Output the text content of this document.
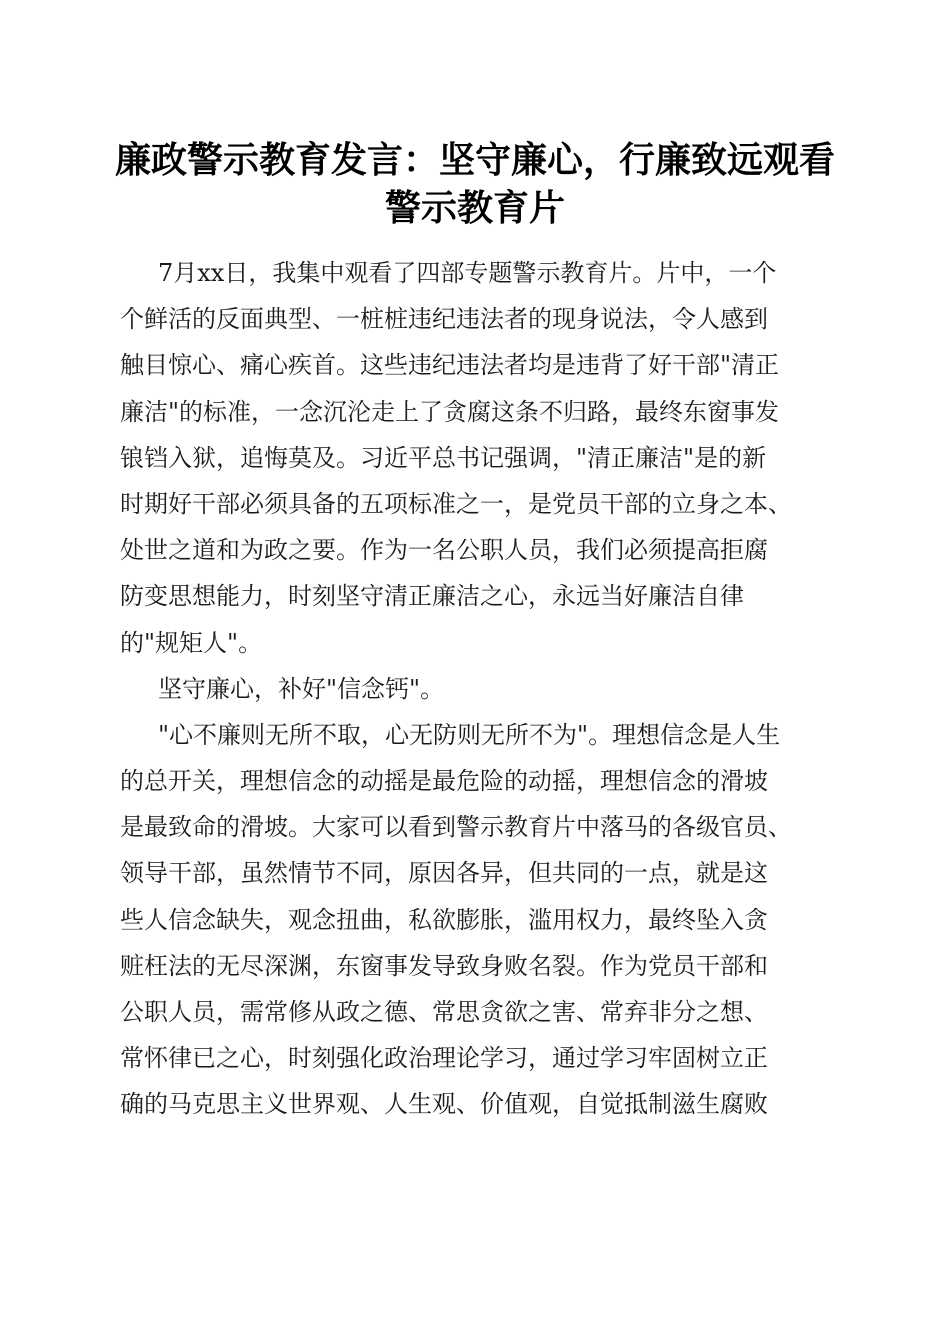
廉政警示教育发言：坚守廉心，行廉致远观看
警示教育片
7月xx日，我集中观看了四部专题警示教育片。片中，一个
个鲜活的反面典型、一桩桩违纪违法者的现身说法，令人感到
触目惊心、痛心疾首。这些违纪违法者均是违背了好干部"清正
廉洁"的标准，一念沉沦走上了贪腐这条不归路，最终东窗事发
锒铛入狱，追悔莫及。习近平总书记强调，"清正廉洁"是的新
时期好干部必须具备的五项标准之一，是党员干部的立身之本、
处世之道和为政之要。作为一名公职人员，我们必须提高拒腐
防变思想能力，时刻坚守清正廉洁之心，永远当好廉洁自律
的"规矩人"。
坚守廉心，补好"信念钙"。
"心不廉则无所不取，心无防则无所不为"。理想信念是人生
的总开关，理想信念的动摇是最危险的动摇，理想信念的滑坡
是最致命的滑坡。大家可以看到警示教育片中落马的各级官员、
领导干部，虽然情节不同，原因各异，但共同的一点，就是这
些人信念缺失，观念扭曲，私欲膨胀，滥用权力，最终坠入贪
赃枉法的无尽深渊，东窗事发导致身败名裂。作为党员干部和
公职人员，需常修从政之德、常思贪欲之害、常弃非分之想、
常怀律已之心，时刻强化政治理论学习，通过学习牢固树立正
确的马克思主义世界观、人生观、价值观，自觉抵制滋生腐败
